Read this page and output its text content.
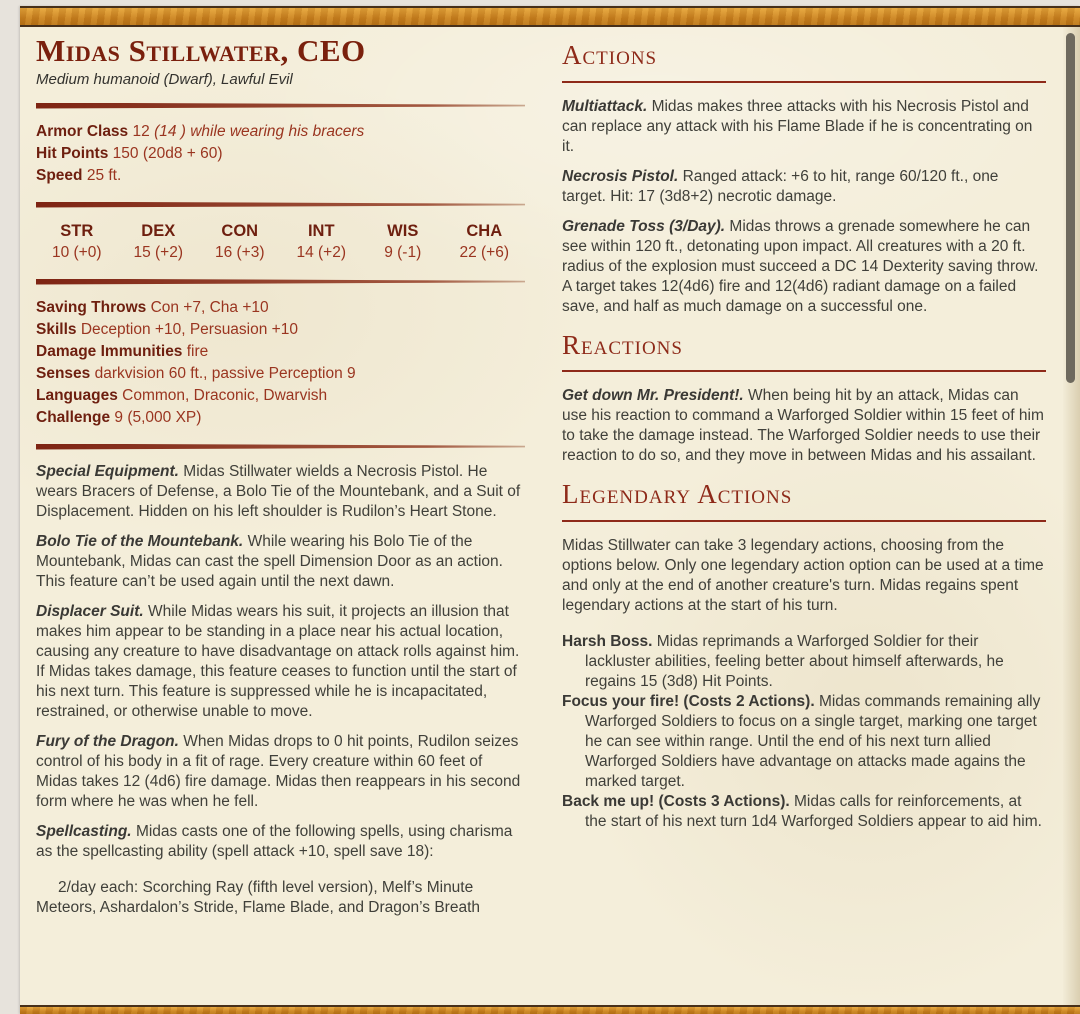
Midas Stillwater, CEO
Medium humanoid (Dwarf), Lawful Evil
Armor Class 12 (14 ) while wearing his bracers
Hit Points 150 (20d8 + 60)
Speed 25 ft.
STR
10 (+0)
DEX
15 (+2)
CON
16 (+3)
INT
14 (+2)
WIS
9 (-1)
CHA
22 (+6)
Saving Throws Con +7, Cha +10
Skills Deception +10, Persuasion +10
Damage Immunities fire
Senses darkvision 60 ft., passive Perception 9
Languages Common, Draconic, Dwarvish
Challenge 9 (5,000 XP)

Special Equipment. Midas Stillwater wields a Necrosis Pistol. He wears Bracers of Defense, a Bolo Tie of the Mountebank, and a Suit of Displacement. Hidden on his left shoulder is Rudilon’s Heart Stone.

Bolo Tie of the Mountebank. While wearing his Bolo Tie of the Mountebank, Midas can cast the spell Dimension Door as an action. This feature can’t be used again until the next dawn.

Displacer Suit. While Midas wears his suit, it projects an illusion that makes him appear to be standing in a place near his actual location, causing any creature to have disadvantage on attack rolls against him. If Midas takes damage, this feature ceases to function until the start of his next turn. This feature is suppressed while he is incapacitated, restrained, or otherwise unable to move.

Fury of the Dragon. When Midas drops to 0 hit points, Rudilon seizes control of his body in a fit of rage. Every creature within 60 feet of Midas takes 12 (4d6) fire damage. Midas then reappears in his second form where he was when he fell.

Spellcasting. Midas casts one of the following spells, using charisma as the spellcasting ability (spell attack +10, spell save 18):

2/day each: Scorching Ray (fifth level version), Melf’s Minute Meteors, Ashardalon’s Stride, Flame Blade, and Dragon’s Breath

Actions

Multiattack. Midas makes three attacks with his Necrosis Pistol and can replace any attack with his Flame Blade if he is concentrating on it.

Necrosis Pistol. Ranged attack: +6 to hit, range 60/120 ft., one target. Hit: 17 (3d8+2) necrotic damage.

Grenade Toss (3/Day). Midas throws a grenade somewhere he can see within 120 ft., detonating upon impact. All creatures with a 20 ft. radius of the explosion must succeed a DC 14 Dexterity saving throw. A target takes 12(4d6) fire and 12(4d6) radiant damage on a failed save, and half as much damage on a successful one.

Reactions

Get down Mr. President!. When being hit by an attack, Midas can use his reaction to command a Warforged Soldier within 15 feet of him to take the damage instead. The Warforged Soldier needs to use their reaction to do so, and they move in between Midas and his assailant.

Legendary Actions

Midas Stillwater can take 3 legendary actions, choosing from the options below. Only one legendary action option can be used at a time and only at the end of another creature's turn. Midas regains spent legendary actions at the start of his turn.

Harsh Boss. Midas reprimands a Warforged Soldier for their lackluster abilities, feeling better about himself afterwards, he regains 15 (3d8) Hit Points.

Focus your fire! (Costs 2 Actions). Midas commands remaining ally Warforged Soldiers to focus on a single target, marking one target he can see within range. Until the end of his next turn allied Warforged Soldiers have advantage on attacks made agains the marked target.

Back me up! (Costs 3 Actions). Midas calls for reinforcements, at the start of his next turn 1d4 Warforged Soldiers appear to aid him.
